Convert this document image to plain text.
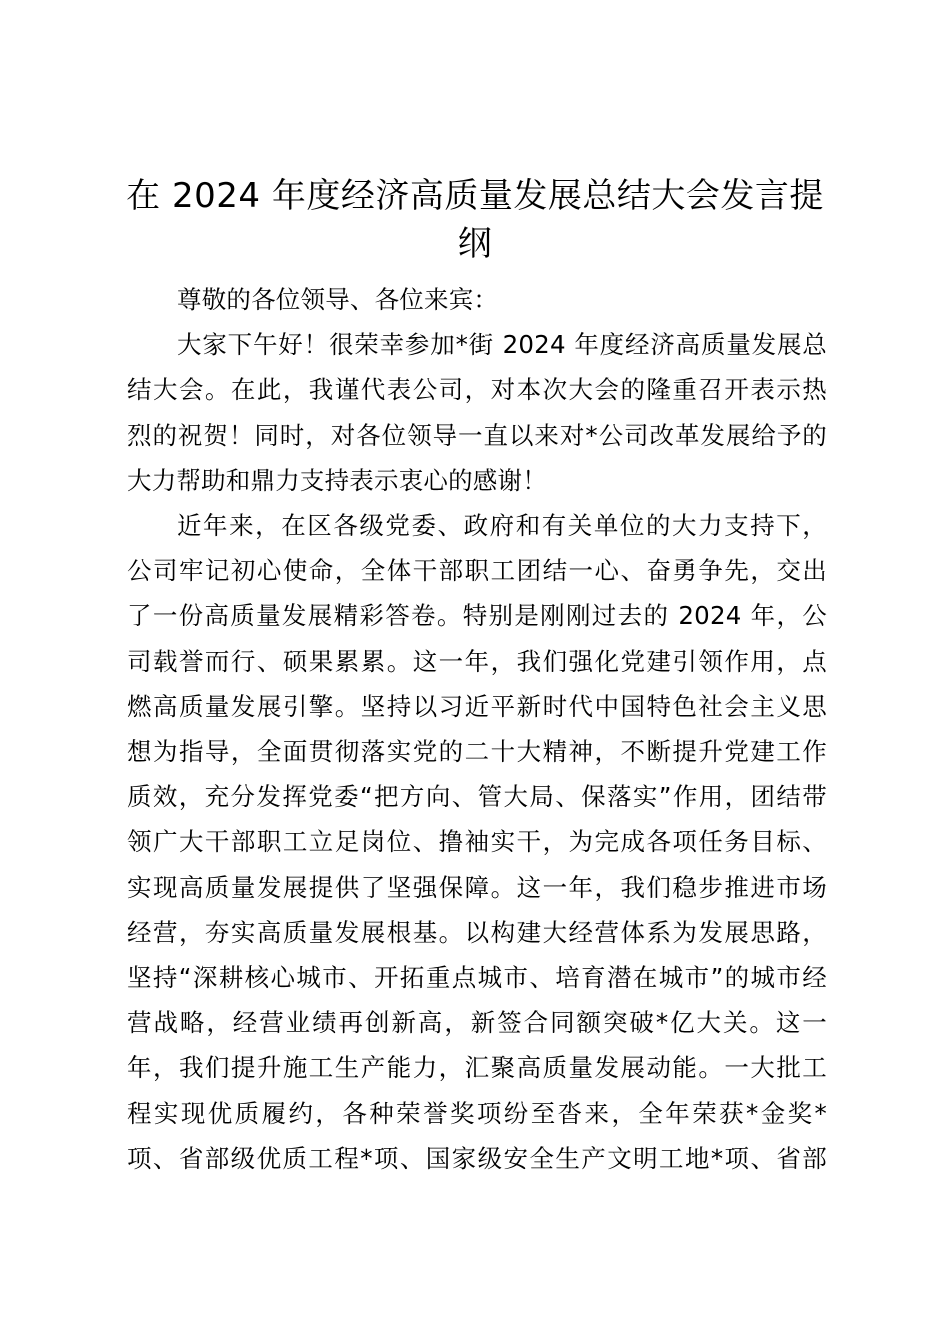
在 2024 年度经济高质量发展总结大会发言提
纲
尊敬的各位领导、各位来宾：
大家下午好！很荣幸参加*街 2024 年度经济高质量发展总
结大会。在此，我谨代表公司，对本次大会的隆重召开表示热
烈的祝贺！同时，对各位领导一直以来对*公司改革发展给予的
大力帮助和鼎力支持表示衷心的感谢！
近年来，在区各级党委、政府和有关单位的大力支持下，
公司牢记初心使命，全体干部职工团结一心、奋勇争先，交出
了一份高质量发展精彩答卷。特别是刚刚过去的 2024 年，公
司载誉而行、硕果累累。这一年，我们强化党建引领作用，点
燃高质量发展引擎。坚持以习近平新时代中国特色社会主义思
想为指导，全面贯彻落实党的二十大精神，不断提升党建工作
质效，充分发挥党委“把方向、管大局、保落实”作用，团结带
领广大干部职工立足岗位、撸袖实干，为完成各项任务目标、
实现高质量发展提供了坚强保障。这一年，我们稳步推进市场
经营，夯实高质量发展根基。以构建大经营体系为发展思路，
坚持“深耕核心城市、开拓重点城市、培育潜在城市”的城市经
营战略，经营业绩再创新高，新签合同额突破*亿大关。这一
年，我们提升施工生产能力，汇聚高质量发展动能。一大批工
程实现优质履约，各种荣誉奖项纷至沓来，全年荣获*金奖*
项、省部级优质工程*项、国家级安全生产文明工地*项、省部
